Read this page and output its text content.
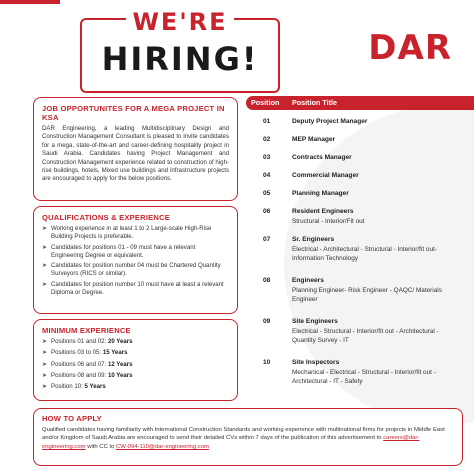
WE'RE
HIRING!	DAR
JOB OPPORTUNITES FOR A MEGA PROJECT IN KSA
DAR Engineering, a leading Multidisciplinary Design and Construction Management Consultant is pleased to invite candidates for a mega, state-of-the-art and career-defining hospitality project in Saudi Arabia. Candidates having Project Management and Construction Management experience related to construction of high-rise buildings, hotels, Mixed use buildings and infrastructure projects are encouraged to apply for the below positions.
QUALIFICATIONS & EXPERIENCE
➤ Working experience in at least 1 to 2 Large-scale High-Rise Building Projects is preferable.
➤ Candidates for positions 01 - 09 must have a relevant Engineering Degree or equivalent.
➤ Candidates for position number 04 must be Chartered Quantity Surveyors (RICS or similar).
➤ Candidates for position number 10 must have at least a relevant Diploma or Degree.
MINIMUM EXPERIENCE
➤ Positions 01 and 02: 20 Years
➤ Positions 03 to 05: 15 Years
➤ Positions 06 and 07: 12 Years
➤ Positions 08 and 09: 10 Years
➤ Position 10: 5 Years
Position Position Title
01	Deputy Project Manager
02	MEP Manager
03	Contracts Manager
04	Commercial Manager
05	Planning Manager
06	Resident Engineers
Structural - Interior/Fit out
07	Sr. Engineers
Electrical - Architectural - Structural - Interior/fit out- Information Technology
08	Engineers
Planning Engineer- Risk Engineer - QAQC/ Materials Engineer
09	Site Engineers
Electrical - Structural - Interior/fit out - Architectural - Quantity Survey - IT
10	Site Inspectors
Mechanical - Electrical - Structural - Interior/fit out - Architectural - IT - Safety
HOW TO APPLY
Qualified candidates having familiarity with International Construction Standards and working experience with multinational firms for projects in Middle East and/or Kingdom of Saudi Arabia are encouraged to send their detailed CVs within 7 days of the publication of this advertisement to careers@dar-engineering.com with CC to CW-094-110@dar-engineering.com
